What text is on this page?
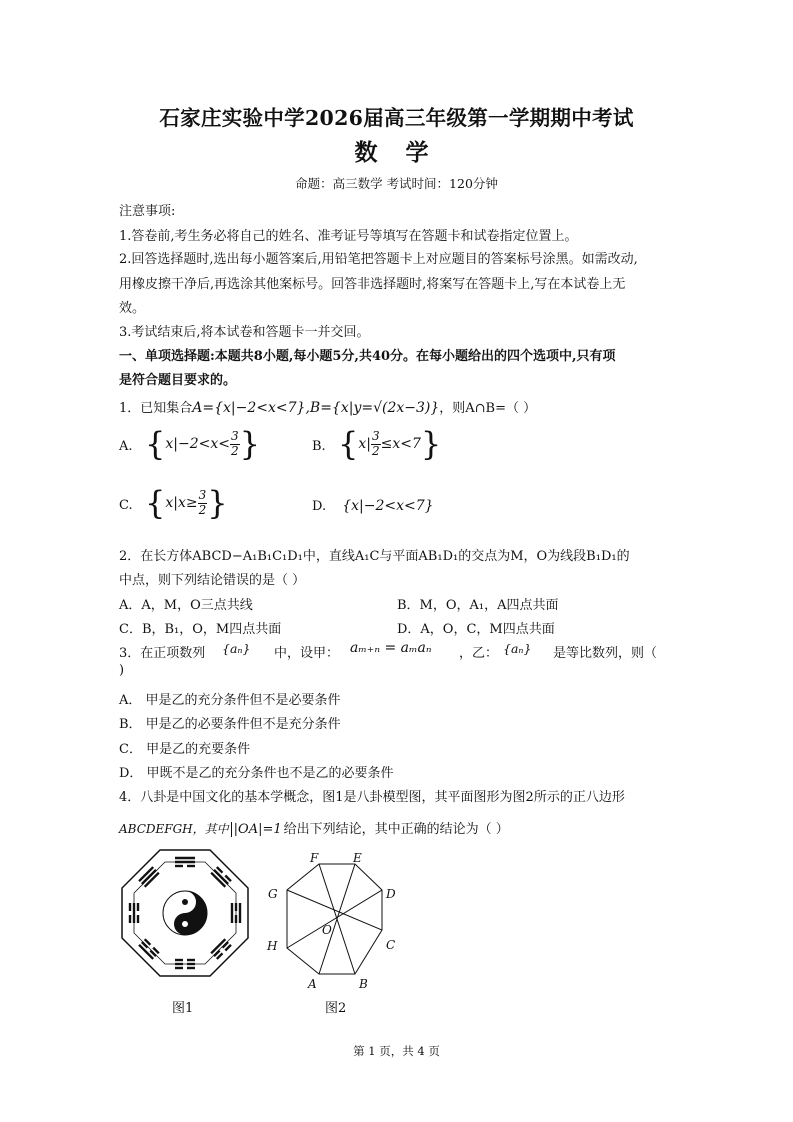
石家庄实验中学2026届高三年级第一学期期中考试
数 学
命题：高三数学 考试时间：120分钟
注意事项:
1.答卷前,考生务必将自己的姓名、准考证号等填写在答题卡和试卷指定位置上。
2.回答选择题时,选出每小题答案后,用铅笔把答题卡上对应题目的答案标号涂黑。如需改动,
用橡皮擦干净后,再选涂其他案标号。回答非选择题时,将案写在答题卡上,写在本试卷上无
效。
3.考试结束后,将本试卷和答题卡一并交回。
一、单项选择题:本题共8小题,每小题5分,共40分。在每小题给出的四个选项中,只有项
是符合题目要求的。
1．已知集合A={x|−2<x<7},B={x|y=√(2x−3)}，则A∩B=（ ）
A. {$x|-2<x< \frac{3}{2}$ }	B. $\{x| \frac{3}{2} \le x<7\}$
C. {$x|x\ge \frac{3}{2}$ }	D. {x|−2<x<7}
2．在长方体ABCD−A₁B₁C₁D₁中，直线A₁C与平面AB₁D₁的交点为M，O为线段B₁D₁的
中点，则下列结论错误的是（ ）
A．A，M，O三点共线	B．M，O，A₁，A四点共面
C．B，B₁，O，M四点共面	D．A，O，C，M四点共面
3．在正项数列 {aₙ} 中，设甲： aₘ₊ₙ = aₘaₙ ，乙： {aₙ} 是等比数列，则（
)
A． 甲是乙的充分条件但不是必要条件
B． 甲是乙的必要条件但不是充分条件
C． 甲是乙的充要条件
D． 甲既不是乙的充分条件也不是乙的必要条件
4．八卦是中国文化的基本学概念，图1是八卦模型图，其平面图形为图2所示的正八边形
ABCDEFGH，其中 |OA|=1 给出下列结论，其中正确的结论为（ ）
图1
F	E
D
C
B
A
H
G
O
图2
第 1 页，共 4 页
